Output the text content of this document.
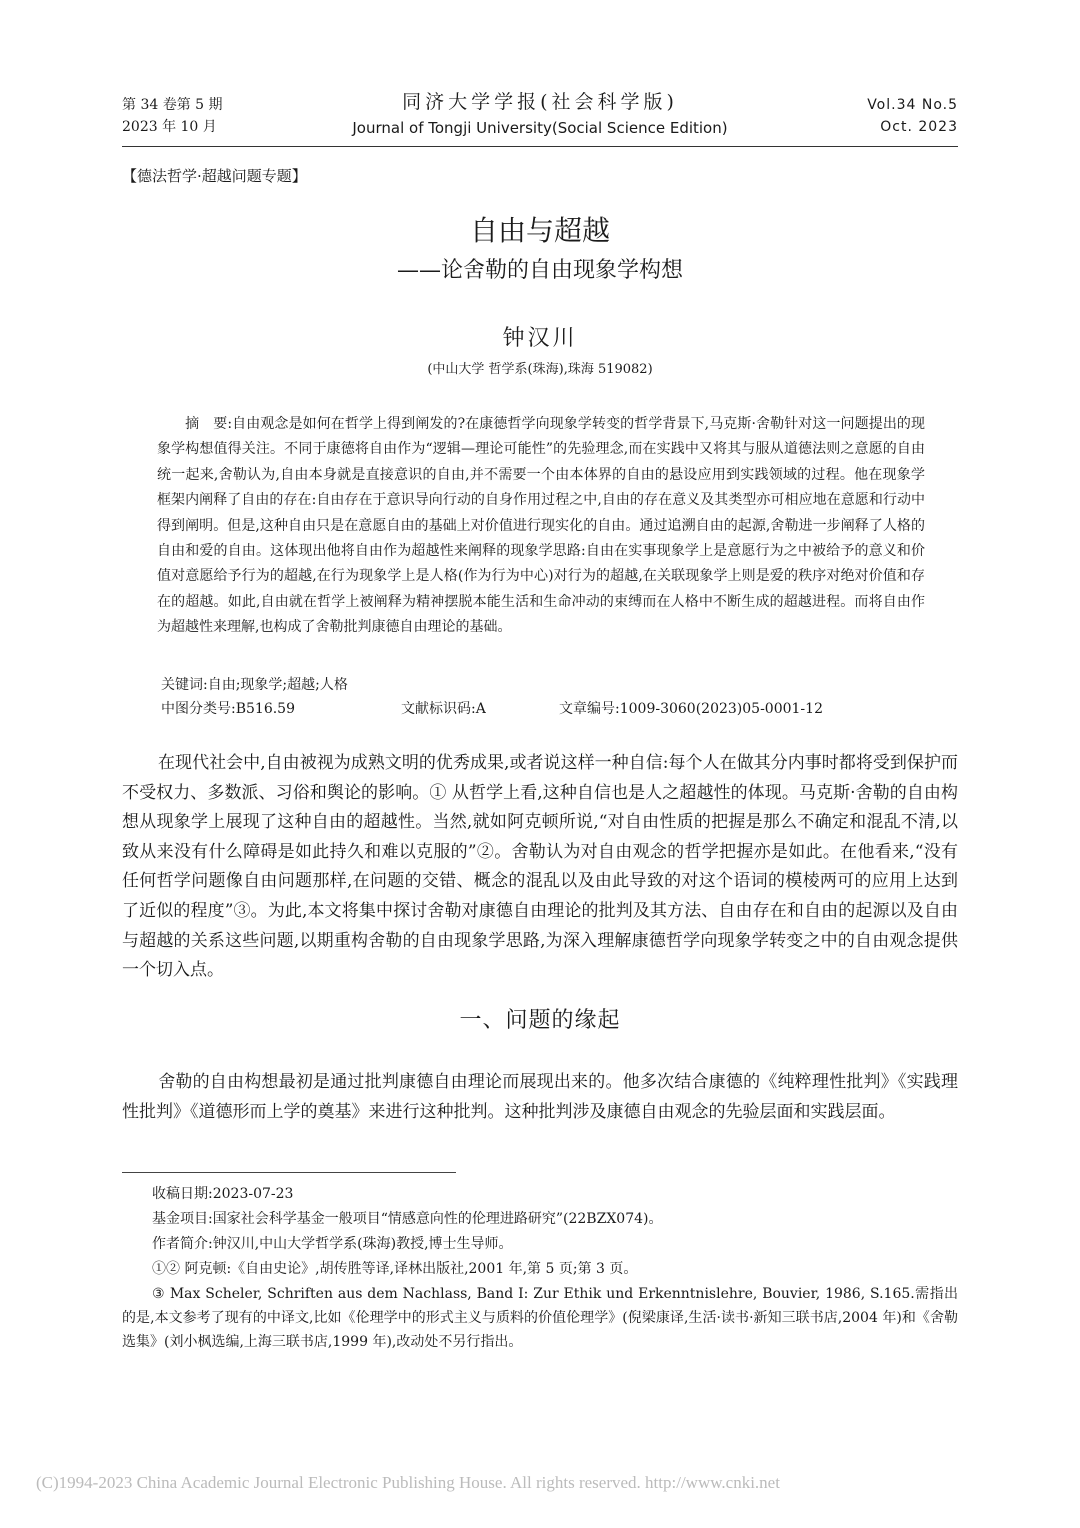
第 34 卷第 5 期
2023 年 10 月
同济大学学报(社会科学版)
Journal of Tongji University(Social Science Edition)
Vol.34 No.5
Oct. 2023
【德法哲学·超越问题专题】
自由与超越
——论舍勒的自由现象学构想
钟汉川
(中山大学 哲学系(珠海),珠海 519082)
摘　要:自由观念是如何在哲学上得到阐发的?在康德哲学向现象学转变的哲学背景下,马克斯·舍勒针对这一问题提出的现象学构想值得关注。不同于康德将自由作为“逻辑—理论可能性”的先验理念,而在实践中又将其与服从道德法则之意愿的自由统一起来,舍勒认为,自由本身就是直接意识的自由,并不需要一个由本体界的自由的悬设应用到实践领域的过程。他在现象学框架内阐释了自由的存在:自由存在于意识导向行动的自身作用过程之中,自由的存在意义及其类型亦可相应地在意愿和行动中得到阐明。但是,这种自由只是在意愿自由的基础上对价值进行现实化的自由。通过追溯自由的起源,舍勒进一步阐释了人格的自由和爱的自由。这体现出他将自由作为超越性来阐释的现象学思路:自由在实事现象学上是意愿行为之中被给予的意义和价值对意愿给予行为的超越,在行为现象学上是人格(作为行为中心)对行为的超越,在关联现象学上则是爱的秩序对绝对价值和存在的超越。如此,自由就在哲学上被阐释为精神摆脱本能生活和生命冲动的束缚而在人格中不断生成的超越进程。而将自由作为超越性来理解,也构成了舍勒批判康德自由理论的基础。
关键词:自由;现象学;超越;人格
中图分类号:B516.59	文献标识码:A	文章编号:1009-3060(2023)05-0001-12
在现代社会中,自由被视为成熟文明的优秀成果,或者说这样一种自信:每个人在做其分内事时都将受到保护而不受权力、多数派、习俗和舆论的影响。① 从哲学上看,这种自信也是人之超越性的体现。马克斯·舍勒的自由构想从现象学上展现了这种自由的超越性。当然,就如阿克顿所说,“对自由性质的把握是那么不确定和混乱不清,以致从来没有什么障碍是如此持久和难以克服的”②。舍勒认为对自由观念的哲学把握亦是如此。在他看来,“没有任何哲学问题像自由问题那样,在问题的交错、概念的混乱以及由此导致的对这个语词的模棱两可的应用上达到了近似的程度”③。为此,本文将集中探讨舍勒对康德自由理论的批判及其方法、自由存在和自由的起源以及自由与超越的关系这些问题,以期重构舍勒的自由现象学思路,为深入理解康德哲学向现象学转变之中的自由观念提供一个切入点。
一、问题的缘起
舍勒的自由构想最初是通过批判康德自由理论而展现出来的。他多次结合康德的《纯粹理性批判》《实践理性批判》《道德形而上学的奠基》来进行这种批判。这种批判涉及康德自由观念的先验层面和实践层面。

收稿日期:2023-07-23

基金项目:国家社会科学基金一般项目“情感意向性的伦理进路研究”(22BZX074)。

作者简介:钟汉川,中山大学哲学系(珠海)教授,博士生导师。

①② 阿克顿:《自由史论》,胡传胜等译,译林出版社,2001 年,第 5 页;第 3 页。

③ Max Scheler, Schriften aus dem Nachlass, Band I: Zur Ethik und Erkenntnislehre, Bouvier, 1986, S.165.需指出的是,本文参考了现有的中译文,比如《伦理学中的形式主义与质料的价值伦理学》(倪梁康译,生活·读书·新知三联书店,2004 年)和《舍勒选集》(刘小枫选编,上海三联书店,1999 年),改动处不另行指出。

(C)1994-2023 China Academic Journal Electronic Publishing House. All rights reserved. http://www.cnki.net
